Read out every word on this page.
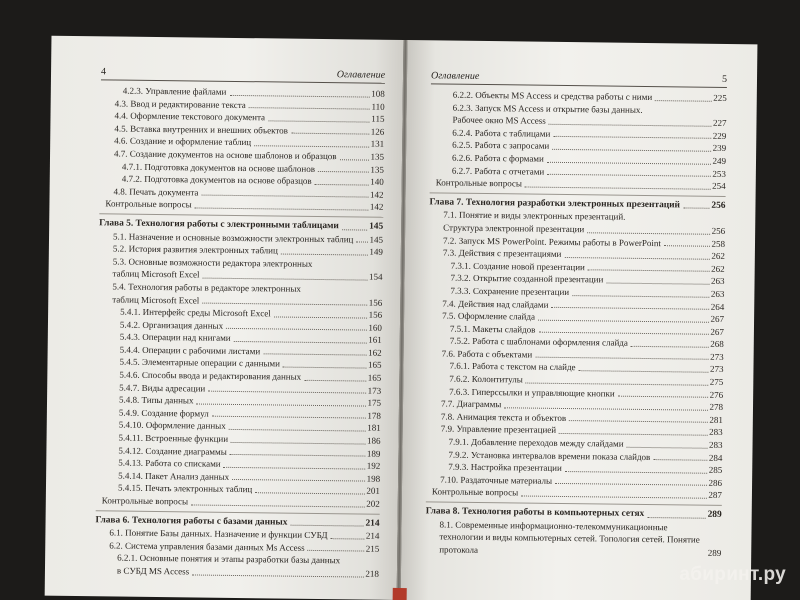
4	Оглавление
4.2.3. Управление файлами	108
4.3. Ввод и редактирование текста	110
4.4. Оформление текстового документа	115
4.5. Вставка внутренних и внешних объектов	126
4.6. Создание и оформление таблиц	131
4.7. Создание документов на основе шаблонов и образцов	135
4.7.1. Подготовка документов на основе шаблонов	135
4.7.2. Подготовка документов на основе образцов	140
4.8. Печать документа	142
Контрольные вопросы	142
Глава 5. Технология работы с электронными таблицами	145
5.1. Назначение и основные возможности электронных таблиц 145
5.2. История развития электронных таблиц	149
5.3. Основные возможности редактора электронных
таблиц Microsoft Excel	154
5.4. Технология работы в редакторе электронных
таблиц Microsoft Excel	156
5.4.1. Интерфейс среды Microsoft Excel	156
5.4.2. Организация данных	160
5.4.3. Операции над книгами	161
5.4.4. Операции с рабочими листами	162
5.4.5. Элементарные операции с данными	165
5.4.6. Способы ввода и редактирования данных	165
5.4.7. Виды адресации	173
5.4.8. Типы данных	175
5.4.9. Создание формул	178
5.4.10. Оформление данных	181
5.4.11. Встроенные функции	186
5.4.12. Создание диаграммы	189
5.4.13. Работа со списками	192
5.4.14. Пакет Анализ данных	198
5.4.15. Печать электронных таблиц	201
Контрольные вопросы	202
Глава 6. Технология работы с базами данных	214
6.1. Понятие Базы данных. Назначение и функции СУБД	214
6.2. Система управления базами данных Ms Access	215
6.2.1. Основные понятия и этапы разработки базы данных
в СУБД MS Access	218
Оглавление	5
6.2.2. Объекты MS Access и средства работы с ними	225
6.2.3. Запуск MS Access и открытие базы данных.
Рабочее окно MS Access	227
6.2.4. Работа с таблицами	229
6.2.5. Работа с запросами	239
6.2.6. Работа с формами	249
6.2.7. Работа с отчетами	253
Контрольные вопросы	254
Глава 7. Технология разработки электронных презентаций	256
7.1. Понятие и виды электронных презентаций.
Структура электронной презентации	256
7.2. Запуск MS PowerPoint. Режимы работы в PowerPoint	258
7.3. Действия с презентациями	262
7.3.1. Создание новой презентации	262
7.3.2. Открытие созданной презентации	263
7.3.3. Сохранение презентации	263
7.4. Действия над слайдами	264
7.5. Оформление слайда	267
7.5.1. Макеты слайдов	267
7.5.2. Работа с шаблонами оформления слайда	268
7.6. Работа с объектами	273
7.6.1. Работа с текстом на слайде	273
7.6.2. Колонтитулы	275
7.6.3. Гиперссылки и управляющие кнопки	276
7.7. Диаграммы	278
7.8. Анимация текста и объектов	281
7.9. Управление презентацией	283
7.9.1. Добавление переходов между слайдами	283
7.9.2. Установка интервалов времени показа слайдов	284
7.9.3. Настройка презентации	285
7.10. Раздаточные материалы	286
Контрольные вопросы	287
Глава 8. Технология работы в компьютерных сетях	289
8.1. Современные информационно-телекоммуникационные технологии и виды компьютерных сетей. Топология сетей. Понятие протокола	289
абиринт.ру
